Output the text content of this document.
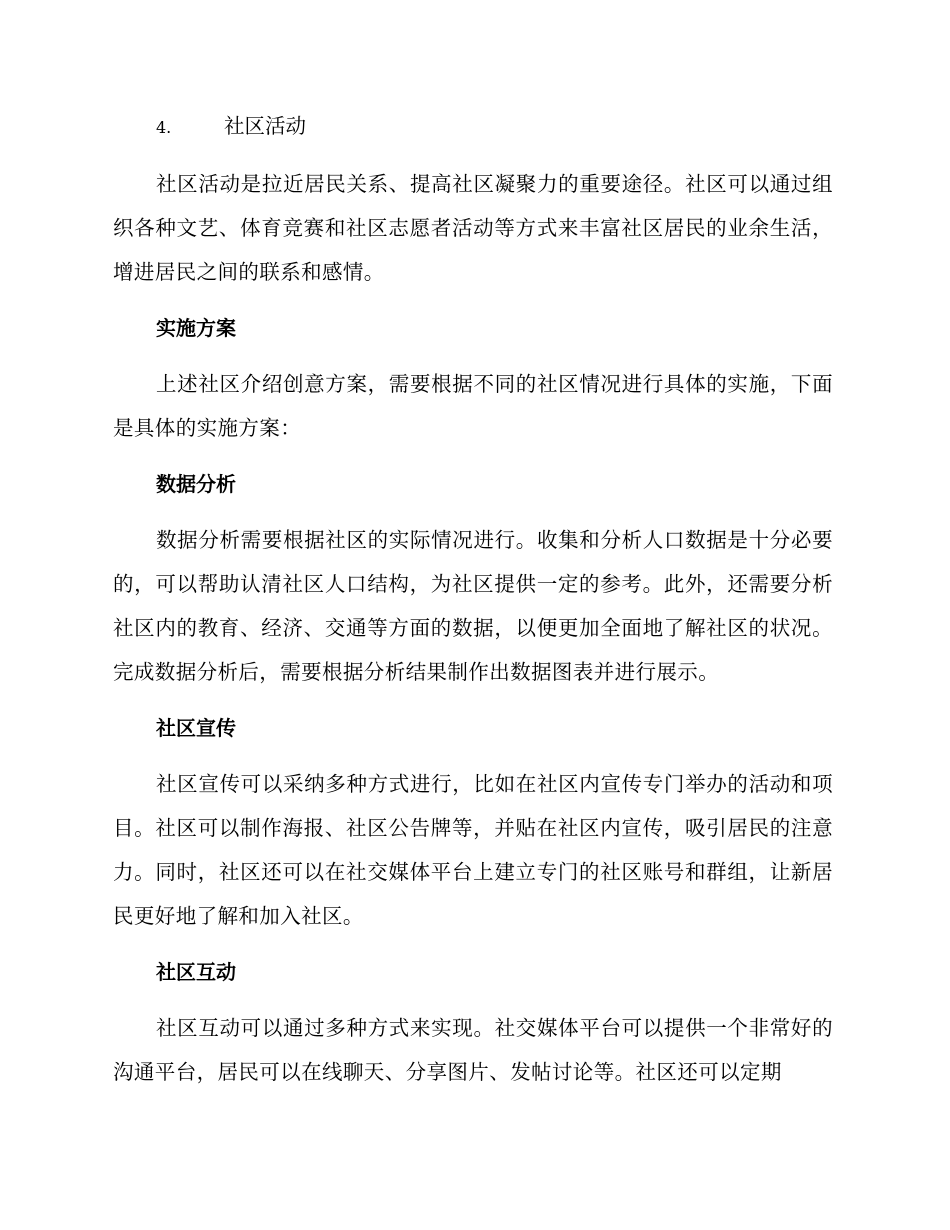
4.	社区活动

社区活动是拉近居民关系、提高社区凝聚力的重要途径。社区可以通过组织各种文艺、体育竞赛和社区志愿者活动等方式来丰富社区居民的业余生活，增进居民之间的联系和感情。

实施方案

上述社区介绍创意方案，需要根据不同的社区情况进行具体的实施，下面是具体的实施方案：

数据分析

数据分析需要根据社区的实际情况进行。收集和分析人口数据是十分必要的，可以帮助认清社区人口结构，为社区提供一定的参考。此外，还需要分析社区内的教育、经济、交通等方面的数据，以便更加全面地了解社区的状况。完成数据分析后，需要根据分析结果制作出数据图表并进行展示。

社区宣传

社区宣传可以采纳多种方式进行，比如在社区内宣传专门举办的活动和项目。社区可以制作海报、社区公告牌等，并贴在社区内宣传，吸引居民的注意力。同时，社区还可以在社交媒体平台上建立专门的社区账号和群组，让新居民更好地了解和加入社区。

社区互动

社区互动可以通过多种方式来实现。社交媒体平台可以提供一个非常好的沟通平台，居民可以在线聊天、分享图片、发帖讨论等。社区还可以定期
